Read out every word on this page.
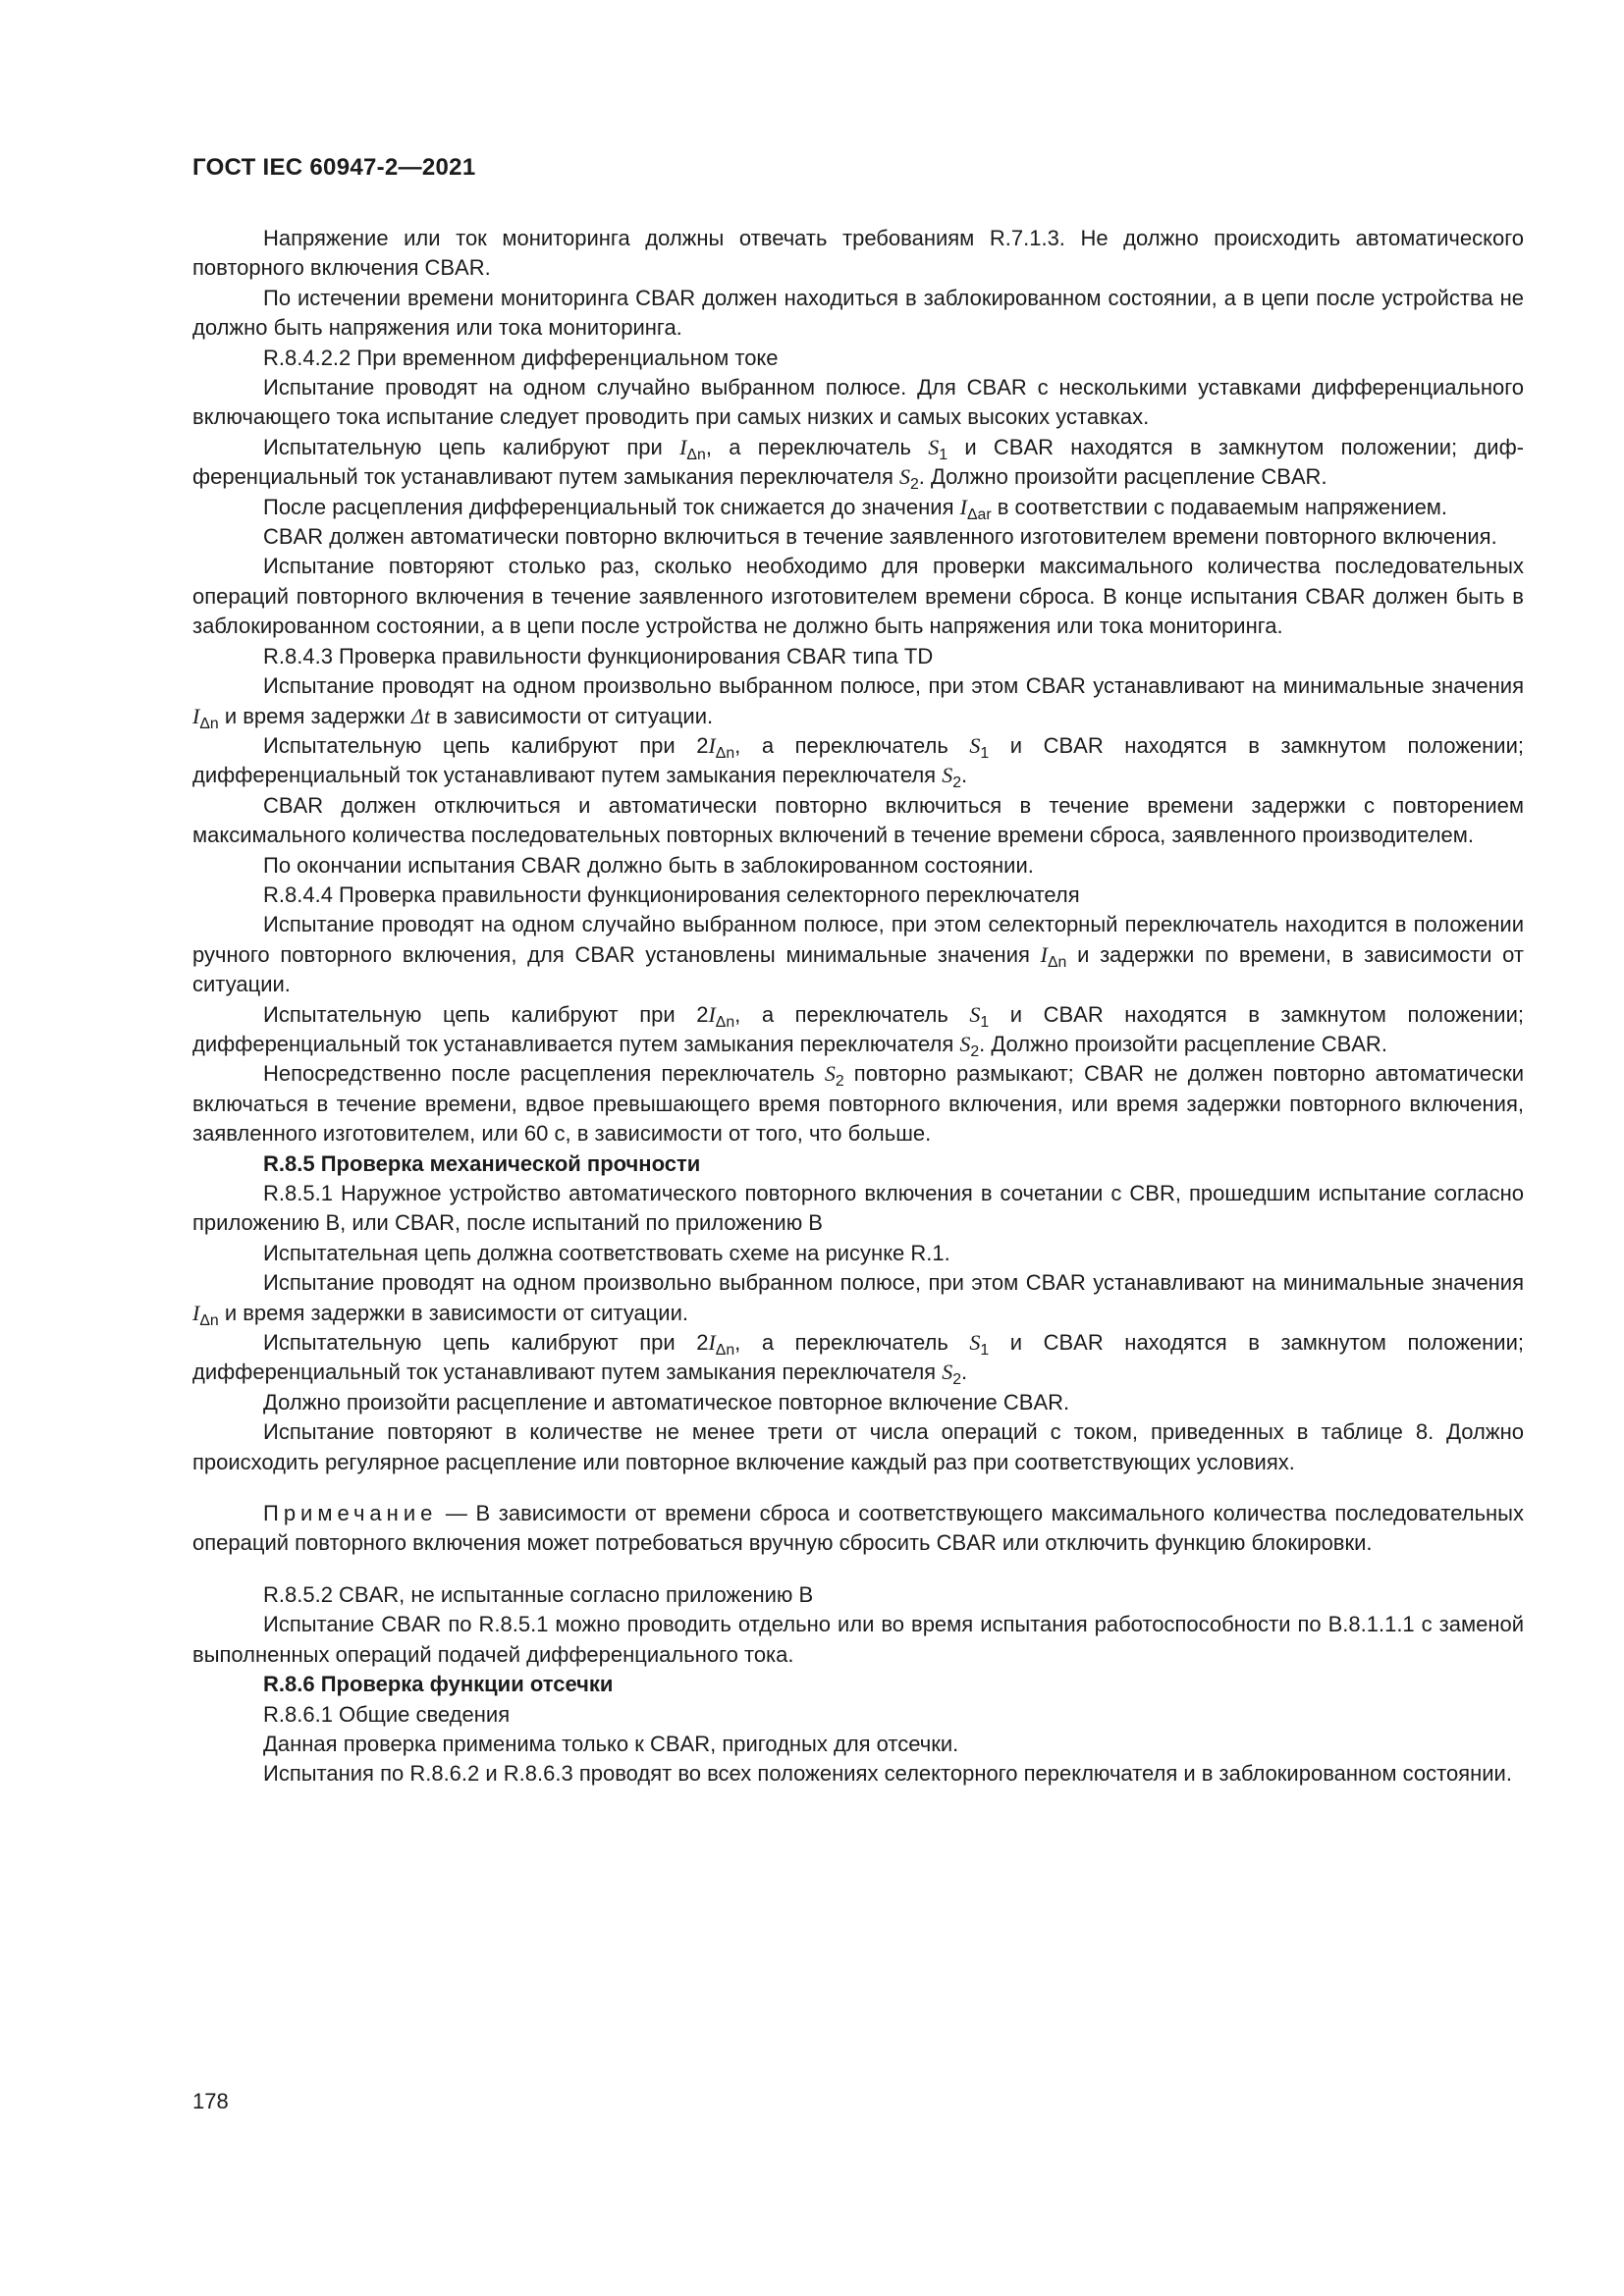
ГОСТ IEC 60947-2—2021
Напряжение или ток мониторинга должны отвечать требованиям R.7.1.3. Не должно происходить автоматического повторного включения CBAR.
По истечении времени мониторинга CBAR должен находиться в заблокированном состоянии, а в цепи после устройства не должно быть напряжения или тока мониторинга.
R.8.4.2.2 При временном дифференциальном токе
Испытание проводят на одном случайно выбранном полюсе. Для CBAR с несколькими уставками дифференциального включающего тока испытание следует проводить при самых низких и самых высоких уставках.
Испытательную цепь калибруют при $I_{\Delta n}$, а переключатель $S_1$ и CBAR находятся в замкнутом положении; дифференциальный ток устанавливают путем замыкания переключателя $S_2$. Должно произойти расцепление CBAR.
После расцепления дифференциальный ток снижается до значения $I_{\Delta ar}$ в соответствии с подаваемым напряжением.
CBAR должен автоматически повторно включиться в течение заявленного изготовителем времени повторного включения.
Испытание повторяют столько раз, сколько необходимо для проверки максимального количества последовательных операций повторного включения в течение заявленного изготовителем времени сброса. В конце испытания CBAR должен быть в заблокированном состоянии, а в цепи после устройства не должно быть напряжения или тока мониторинга.
R.8.4.3 Проверка правильности функционирования CBAR типа TD
Испытание проводят на одном произвольно выбранном полюсе, при этом CBAR устанавливают на минимальные значения $I_{\Delta n}$ и время задержки Δt в зависимости от ситуации.
Испытательную цепь калибруют при $2I_{\Delta n}$, а переключатель $S_1$ и CBAR находятся в замкнутом положении; дифференциальный ток устанавливают путем замыкания переключателя $S_2$.
CBAR должен отключиться и автоматически повторно включиться в течение времени задержки с повторением максимального количества последовательных повторных включений в течение времени сброса, заявленного производителем.
По окончании испытания CBAR должно быть в заблокированном состоянии.
R.8.4.4 Проверка правильности функционирования селекторного переключателя
Испытание проводят на одном случайно выбранном полюсе, при этом селекторный переключатель находится в положении ручного повторного включения, для CBAR установлены минимальные значения $I_{\Delta n}$ и задержки по времени, в зависимости от ситуации.
Испытательную цепь калибруют при $2I_{\Delta n}$, а переключатель $S_1$ и CBAR находятся в замкнутом положении; дифференциальный ток устанавливается путем замыкания переключателя $S_2$. Должно произойти расцепление CBAR.
Непосредственно после расцепления переключатель $S_2$ повторно размыкают; CBAR не должен повторно автоматически включаться в течение времени, вдвое превышающего время повторного включения, или время задержки повторного включения, заявленного изготовителем, или 60 с, в зависимости от того, что больше.
R.8.5 Проверка механической прочности
R.8.5.1 Наружное устройство автоматического повторного включения в сочетании с CBR, прошедшим испытание согласно приложению B, или CBAR, после испытаний по приложению B
Испытательная цепь должна соответствовать схеме на рисунке R.1.
Испытание проводят на одном произвольно выбранном полюсе, при этом CBAR устанавливают на минимальные значения $I_{\Delta n}$ и время задержки в зависимости от ситуации.
Испытательную цепь калибруют при $2I_{\Delta n}$, а переключатель $S_1$ и CBAR находятся в замкнутом положении; дифференциальный ток устанавливают путем замыкания переключателя $S_2$.
Должно произойти расцепление и автоматическое повторное включение CBAR.
Испытание повторяют в количестве не менее трети от числа операций с током, приведенных в таблице 8. Должно происходить регулярное расцепление или повторное включение каждый раз при соответствующих условиях.
Примечание — В зависимости от времени сброса и соответствующего максимального количества последовательных операций повторного включения может потребоваться вручную сбросить CBAR или отключить функцию блокировки.
R.8.5.2 CBAR, не испытанные согласно приложению B
Испытание CBAR по R.8.5.1 можно проводить отдельно или во время испытания работоспособности по B.8.1.1.1 с заменой выполненных операций подачей дифференциального тока.
R.8.6 Проверка функции отсечки
R.8.6.1 Общие сведения
Данная проверка применима только к CBAR, пригодных для отсечки.
Испытания по R.8.6.2 и R.8.6.3 проводят во всех положениях селекторного переключателя и в заблокированном состоянии.
178
